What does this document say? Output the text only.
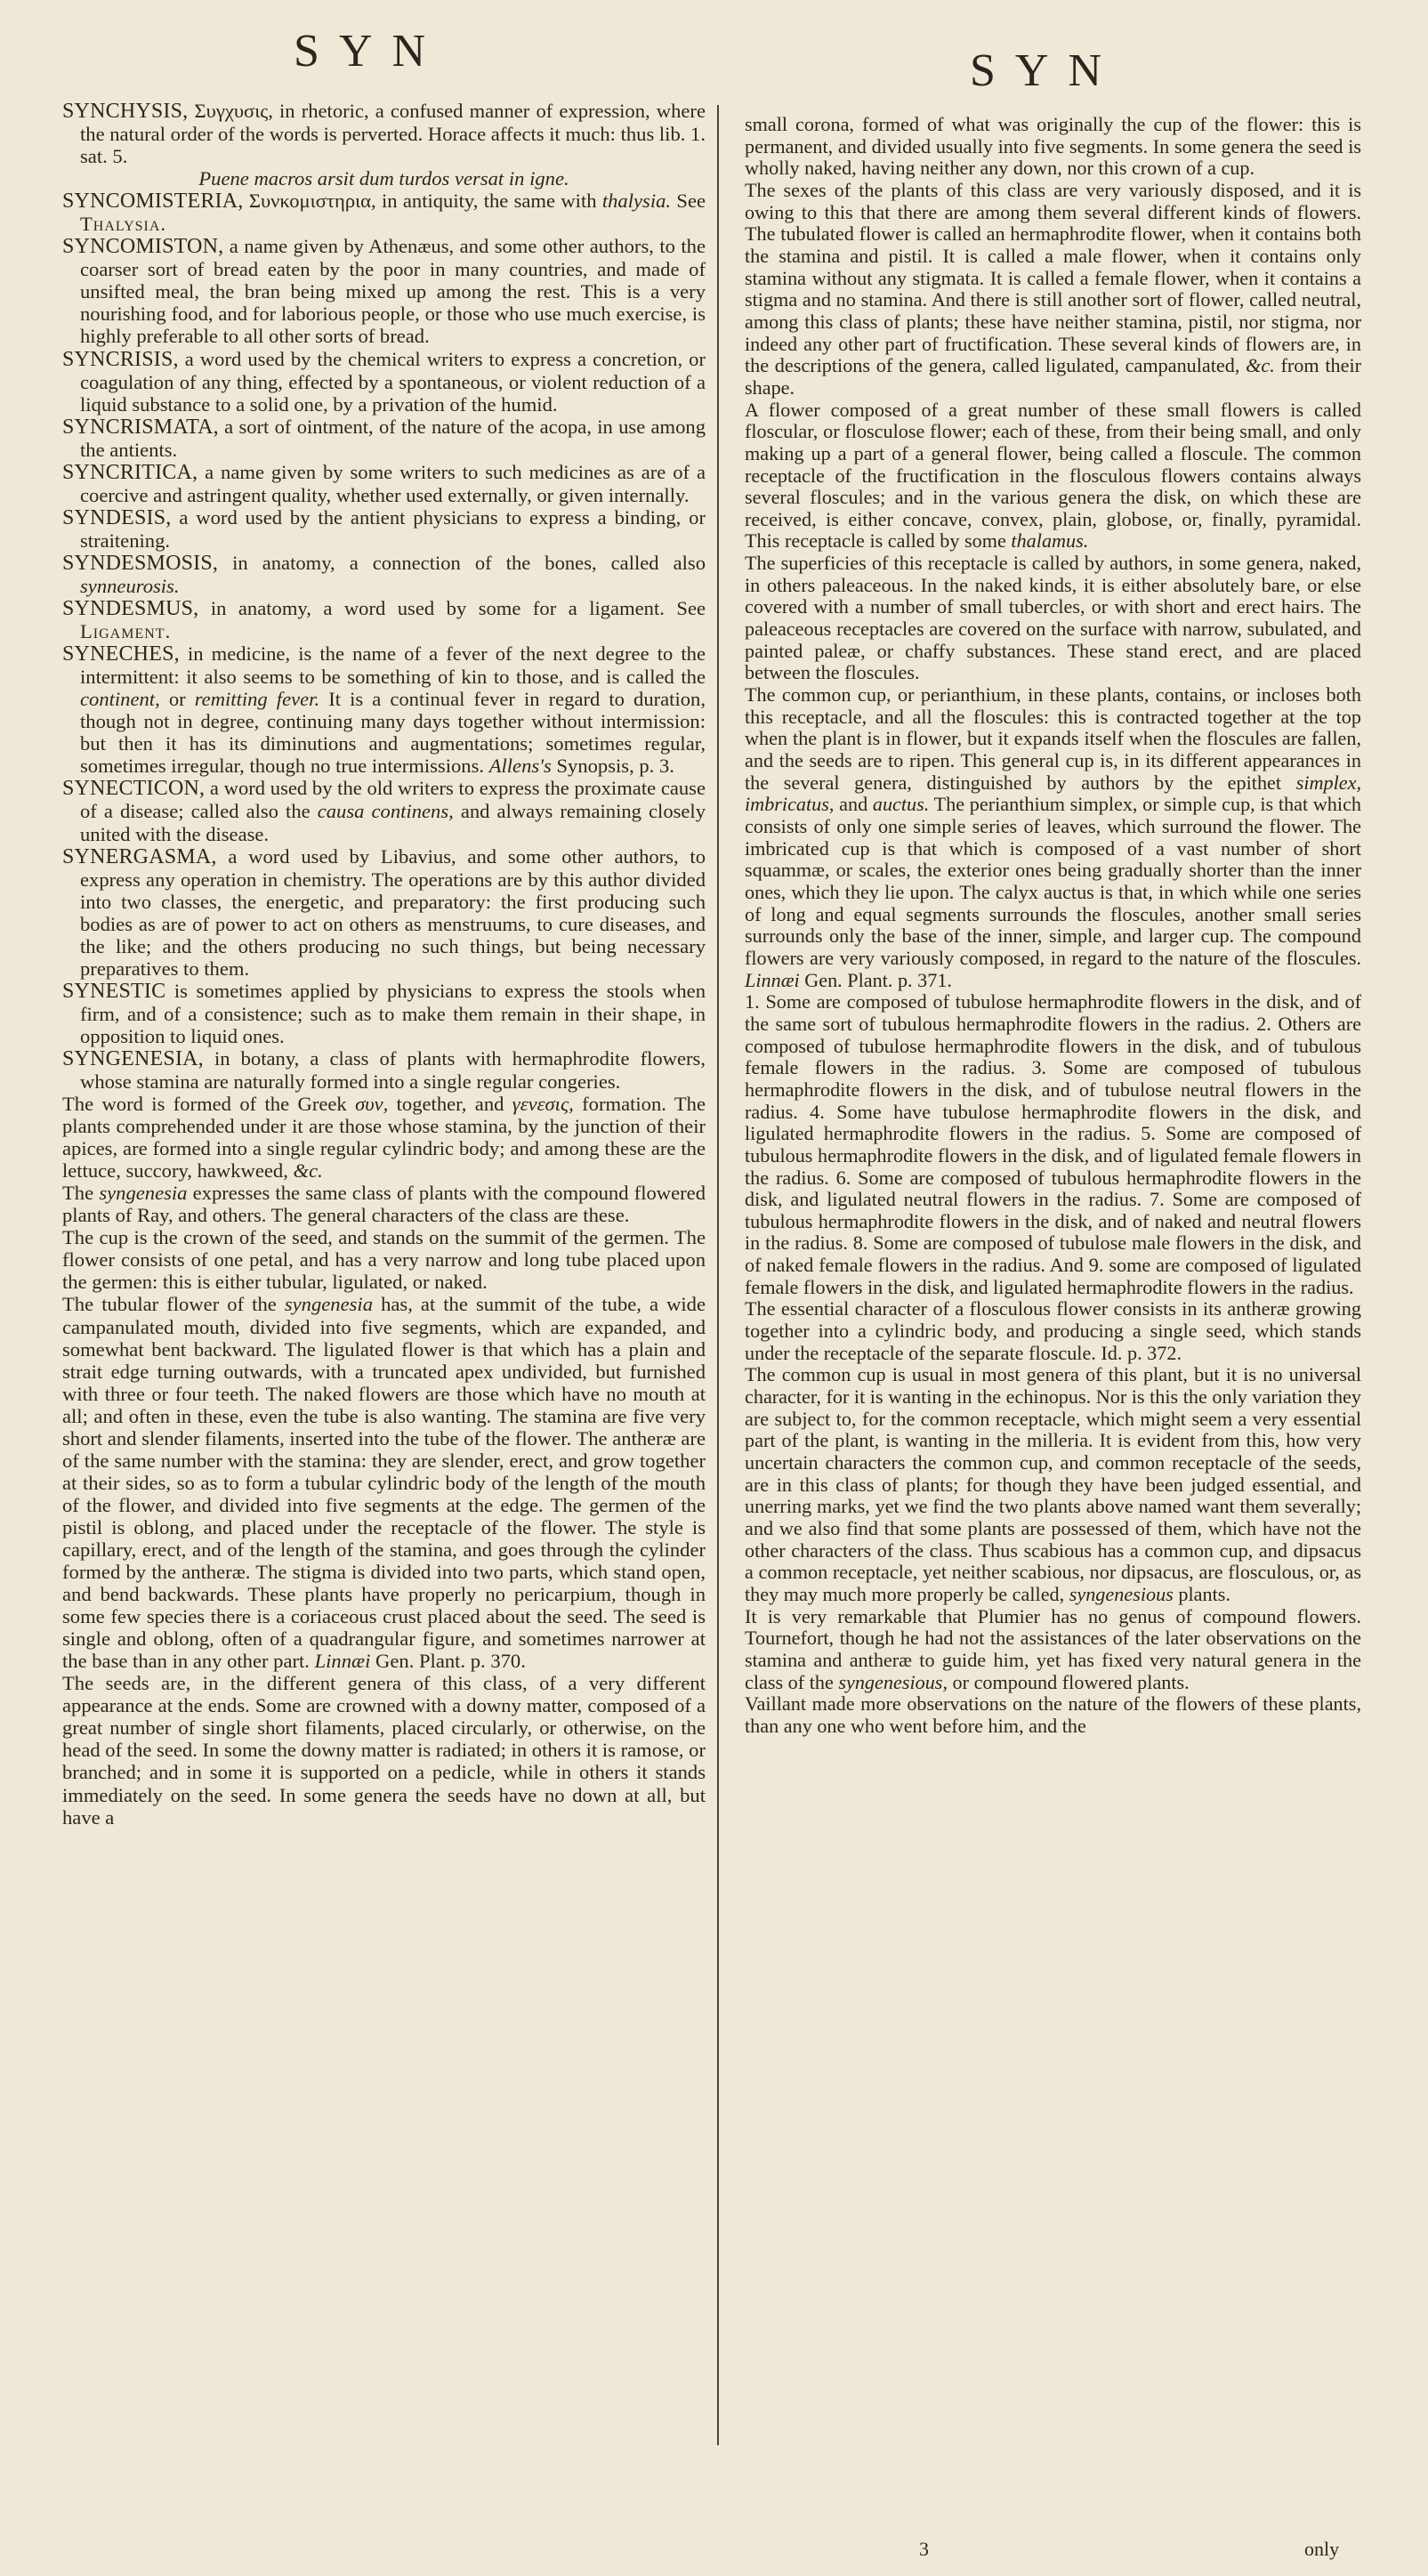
SYN	SYN

SYNCHYSIS, Συγχυσις, in rhetoric, a confused manner of expression, where the natural order of the words is perverted. Horace affects it much: thus lib. 1. sat. 5.

Puene macros arsit dum turdos versat in igne.

SYNCOMISTERIA, Συνκομιστηρια, in antiquity, the same with thalysia. See Thalysia.

SYNCOMISTON, a name given by Athenæus, and some other authors, to the coarser sort of bread eaten by the poor in many countries, and made of unsifted meal, the bran being mixed up among the rest. This is a very nourishing food, and for laborious people, or those who use much exercise, is highly preferable to all other sorts of bread.

SYNCRISIS, a word used by the chemical writers to express a concretion, or coagulation of any thing, effected by a spontaneous, or violent reduction of a liquid substance to a solid one, by a privation of the humid.

SYNCRISMATA, a sort of ointment, of the nature of the acopa, in use among the antients.

SYNCRITICA, a name given by some writers to such medicines as are of a coercive and astringent quality, whether used externally, or given internally.

SYNDESIS, a word used by the antient physicians to express a binding, or straitening.

SYNDESMOSIS, in anatomy, a connection of the bones, called also synneurosis.

SYNDESMUS, in anatomy, a word used by some for a ligament. See Ligament.

SYNECHES, in medicine, is the name of a fever of the next degree to the intermittent: it also seems to be something of kin to those, and is called the continent, or remitting fever. It is a continual fever in regard to duration, though not in degree, continuing many days together without intermission: but then it has its diminutions and augmentations; sometimes regular, sometimes irregular, though no true intermissions. Allens's Synopsis, p. 3.

SYNECTICON, a word used by the old writers to express the proximate cause of a disease; called also the causa continens, and always remaining closely united with the disease.

SYNERGASMA, a word used by Libavius, and some other authors, to express any operation in chemistry. The operations are by this author divided into two classes, the energetic, and preparatory: the first producing such bodies as are of power to act on others as menstruums, to cure diseases, and the like; and the others producing no such things, but being necessary preparatives to them.

SYNESTIC is sometimes applied by physicians to express the stools when firm, and of a consistence; such as to make them remain in their shape, in opposition to liquid ones.

SYNGENESIA, in botany, a class of plants with hermaphrodite flowers, whose stamina are naturally formed into a single regular congeries.

The word is formed of the Greek συν, together, and γενεσις, formation. The plants comprehended under it are those whose stamina, by the junction of their apices, are formed into a single regular cylindric body; and among these are the lettuce, succory, hawkweed, &c.

The syngenesia expresses the same class of plants with the compound flowered plants of Ray, and others. The general characters of the class are these.

The cup is the crown of the seed, and stands on the summit of the germen. The flower consists of one petal, and has a very narrow and long tube placed upon the germen: this is either tubular, ligulated, or naked.

The tubular flower of the syngenesia has, at the summit of the tube, a wide campanulated mouth, divided into five segments, which are expanded, and somewhat bent backward. The ligulated flower is that which has a plain and strait edge turning outwards, with a truncated apex undivided, but furnished with three or four teeth. The naked flowers are those which have no mouth at all; and often in these, even the tube is also wanting. The stamina are five very short and slender filaments, inserted into the tube of the flower. The antheræ are of the same number with the stamina: they are slender, erect, and grow together at their sides, so as to form a tubular cylindric body of the length of the mouth of the flower, and divided into five segments at the edge. The germen of the pistil is oblong, and placed under the receptacle of the flower. The style is capillary, erect, and of the length of the stamina, and goes through the cylinder formed by the antheræ. The stigma is divided into two parts, which stand open, and bend backwards. These plants have properly no pericarpium, though in some few species there is a coriaceous crust placed about the seed. The seed is single and oblong, often of a quadrangular figure, and sometimes narrower at the base than in any other part. Linnæi Gen. Plant. p. 370.

The seeds are, in the different genera of this class, of a very different appearance at the ends. Some are crowned with a downy matter, composed of a great number of single short filaments, placed circularly, or otherwise, on the head of the seed. In some the downy matter is radiated; in others it is ramose, or branched; and in some it is supported on a pedicle, while in others it stands immediately on the seed. In some genera the seeds have no down at all, but have a

small corona, formed of what was originally the cup of the flower: this is permanent, and divided usually into five segments. In some genera the seed is wholly naked, having neither any down, nor this crown of a cup.

The sexes of the plants of this class are very variously disposed, and it is owing to this that there are among them several different kinds of flowers. The tubulated flower is called an hermaphrodite flower, when it contains both the stamina and pistil. It is called a male flower, when it contains only stamina without any stigmata. It is called a female flower, when it contains a stigma and no stamina. And there is still another sort of flower, called neutral, among this class of plants; these have neither stamina, pistil, nor stigma, nor indeed any other part of fructification. These several kinds of flowers are, in the descriptions of the genera, called ligulated, campanulated, &c. from their shape.

A flower composed of a great number of these small flowers is called floscular, or flosculose flower; each of these, from their being small, and only making up a part of a general flower, being called a floscule. The common receptacle of the fructification in the flosculous flowers contains always several floscules; and in the various genera the disk, on which these are received, is either concave, convex, plain, globose, or, finally, pyramidal. This receptacle is called by some thalamus.

The superficies of this receptacle is called by authors, in some genera, naked, in others paleaceous. In the naked kinds, it is either absolutely bare, or else covered with a number of small tubercles, or with short and erect hairs. The paleaceous receptacles are covered on the surface with narrow, subulated, and painted paleæ, or chaffy substances. These stand erect, and are placed between the floscules.

The common cup, or perianthium, in these plants, contains, or incloses both this receptacle, and all the floscules: this is contracted together at the top when the plant is in flower, but it expands itself when the floscules are fallen, and the seeds are to ripen. This general cup is, in its different appearances in the several genera, distinguished by authors by the epithet simplex, imbricatus, and auctus. The perianthium simplex, or simple cup, is that which consists of only one simple series of leaves, which surround the flower. The imbricated cup is that which is composed of a vast number of short squammæ, or scales, the exterior ones being gradually shorter than the inner ones, which they lie upon. The calyx auctus is that, in which while one series of long and equal segments surrounds the floscules, another small series surrounds only the base of the inner, simple, and larger cup. The compound flowers are very variously composed, in regard to the nature of the floscules. Linnæi Gen. Plant. p. 371.

1. Some are composed of tubulose hermaphrodite flowers in the disk, and of the same sort of tubulous hermaphrodite flowers in the radius. 2. Others are composed of tubulose hermaphrodite flowers in the disk, and of tubulous female flowers in the radius. 3. Some are composed of tubulous hermaphrodite flowers in the disk, and of tubulose neutral flowers in the radius. 4. Some have tubulose hermaphrodite flowers in the disk, and ligulated hermaphrodite flowers in the radius. 5. Some are composed of tubulous hermaphrodite flowers in the disk, and of ligulated female flowers in the radius. 6. Some are composed of tubulous hermaphrodite flowers in the disk, and ligulated neutral flowers in the radius. 7. Some are composed of tubulous hermaphrodite flowers in the disk, and of naked and neutral flowers in the radius. 8. Some are composed of tubulose male flowers in the disk, and of naked female flowers in the radius. And 9. some are composed of ligulated female flowers in the disk, and ligulated hermaphrodite flowers in the radius.

The essential character of a flosculous flower consists in its antheræ growing together into a cylindric body, and producing a single seed, which stands under the receptacle of the separate floscule. Id. p. 372.

The common cup is usual in most genera of this plant, but it is no universal character, for it is wanting in the echinopus. Nor is this the only variation they are subject to, for the common receptacle, which might seem a very essential part of the plant, is wanting in the milleria. It is evident from this, how very uncertain characters the common cup, and common receptacle of the seeds, are in this class of plants; for though they have been judged essential, and unerring marks, yet we find the two plants above named want them severally; and we also find that some plants are possessed of them, which have not the other characters of the class. Thus scabious has a common cup, and dipsacus a common receptacle, yet neither scabious, nor dipsacus, are flosculous, or, as they may much more properly be called, syngenesious plants.

It is very remarkable that Plumier has no genus of compound flowers. Tournefort, though he had not the assistances of the later observations on the stamina and antheræ to guide him, yet has fixed very natural genera in the class of the syngenesious, or compound flowered plants.

Vaillant made more observations on the nature of the flowers of these plants, than any one who went before him, and the

3	only
